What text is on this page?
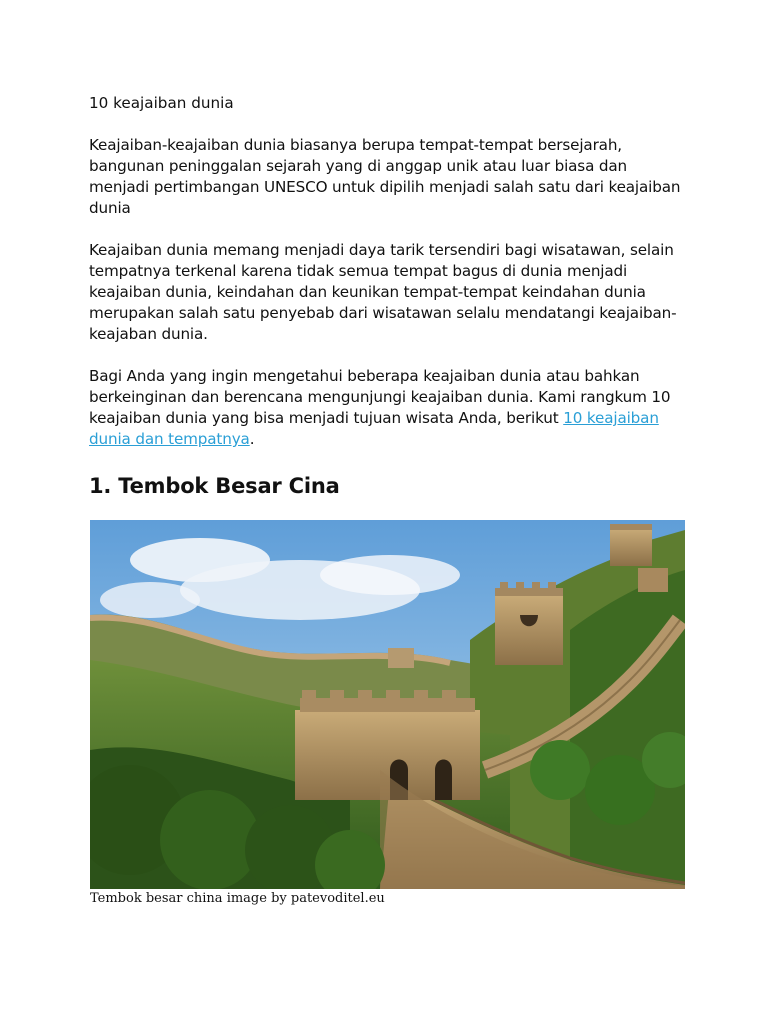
10 keajaiban dunia

Keajaiban-keajaiban dunia biasanya berupa tempat-tempat bersejarah, bangunan peninggalan sejarah yang di anggap unik atau luar biasa dan menjadi pertimbangan UNESCO untuk dipilih menjadi salah satu dari keajaiban dunia

Keajaiban dunia memang menjadi daya tarik tersendiri bagi wisatawan, selain tempatnya terkenal karena tidak semua tempat bagus di dunia menjadi keajaiban dunia, keindahan dan keunikan tempat-tempat keindahan dunia merupakan salah satu penyebab dari wisatawan selalu mendatangi keajaiban-keajaban dunia.

Bagi Anda yang ingin mengetahui beberapa keajaiban dunia atau bahkan berkeinginan dan berencana mengunjungi keajaiban dunia. Kami rangkum 10 keajaiban dunia yang bisa menjadi tujuan wisata Anda, berikut 10 keajaiban dunia dan tempatnya.

1. Tembok Besar Cina
Tembok besar china image by patevoditel.eu
